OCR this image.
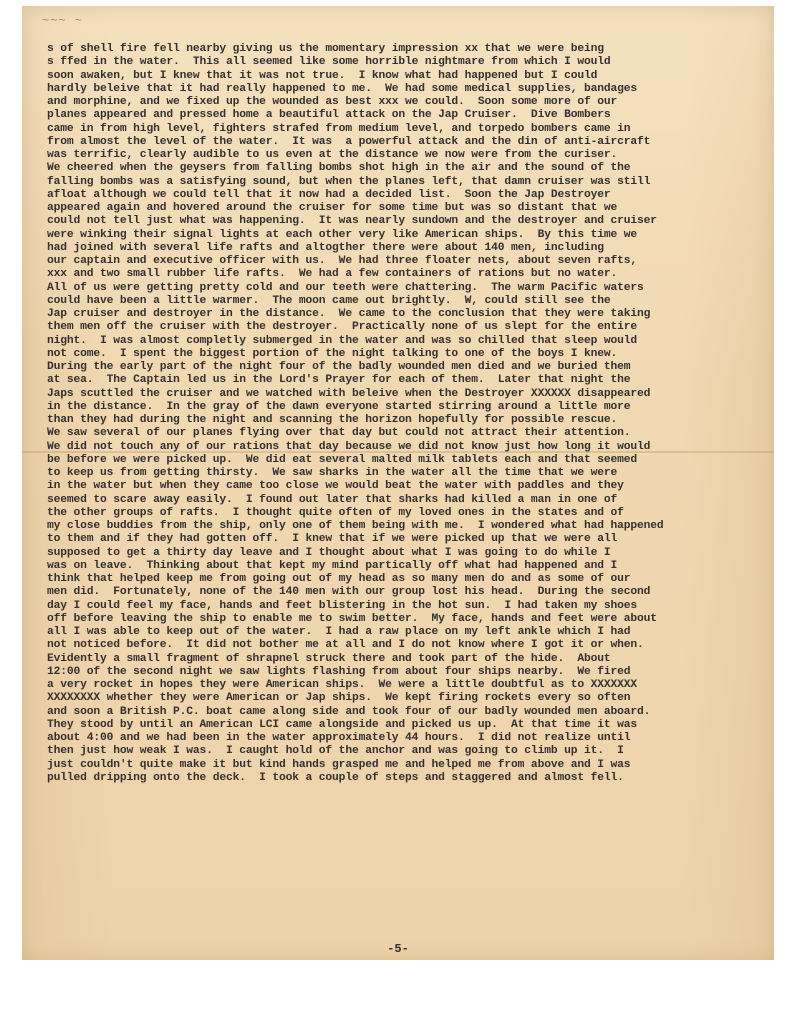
~~~ ~
s of shell fire fell nearby giving us the momentary impression xx that we were being
s ffed in the water.  This all seemed like some horrible nightmare from which I would
soon awaken, but I knew that it was not true.  I know what had happened but I could
hardly beleive that it had really happened to me.  We had some medical supplies, bandages
and morphine, and we fixed up the wounded as best xxx we could.  Soon some more of our
planes appeared and pressed home a beautiful attack on the Jap Cruiser.  Dive Bombers
came in from high level, fighters strafed from medium level, and torpedo bombers came in
from almost the level of the water.  It was  a powerful attack and the din of anti-aircraft
was terrific, clearly audible to us even at the distance we now were from the curiser.
We cheered when the geysers from falling bombs shot high in the air and the sound of the
falling bombs was a satisfying sound, but when the planes left, that damn cruiser was still
afloat although we could tell that it now had a decided list.  Soon the Jap Destroyer
appeared again and hovered around the cruiser for some time but was so distant that we
could not tell just what was happening.  It was nearly sundown and the destroyer and cruiser
were winking their signal lights at each other very like American ships.  By this time we
had joined with several life rafts and altogther there were about 140 men, including
our captain and executive officer with us.  We had three floater nets, about seven rafts,
xxx and two small rubber life rafts.  We had a few containers of rations but no water.
All of us were getting pretty cold and our teeth were chattering.  The warm Pacific waters
could have been a little warmer.  The moon came out brightly.  W, could still see the
Jap cruiser and destroyer in the distance.  We came to the conclusion that they were taking
them men off the cruiser with the destroyer.  Practically none of us slept for the entire
night.  I was almost completly submerged in the water and was so chilled that sleep would
not come.  I spent the biggest portion of the night talking to one of the boys I knew.
During the early part of the night four of the badly wounded men died and we buried them
at sea.  The Captain led us in the Lord's Prayer for each of them.  Later that night the
Japs scuttled the cruiser and we watched with beleive when the Destroyer XXXXXX disappeared
in the distance.  In the gray of the dawn everyone started stirring around a little more
than they had during the night and scanning the horizon hopefully for possible rescue.
We saw several of our planes flying over that day but could not attract their attention.
We did not touch any of our rations that day because we did not know just how long it would
be before we were picked up.  We did eat several malted milk tablets each and that seemed
to keep us from getting thirsty.  We saw sharks in the water all the time that we were
in the water but when they came too close we would beat the water with paddles and they
seemed to scare away easily.  I found out later that sharks had killed a man in one of
the other groups of rafts.  I thought quite often of my loved ones in the states and of
my close buddies from the ship, only one of them being with me.  I wondered what had happened
to them and if they had gotten off.  I knew that if we were picked up that we were all
supposed to get a thirty day leave and I thought about what I was going to do while I
was on leave.  Thinking about that kept my mind partically off what had happened and I
think that helped keep me from going out of my head as so many men do and as some of our
men did.  Fortunately, none of the 140 men with our group lost his head.  During the second
day I could feel my face, hands and feet blistering in the hot sun.  I had taken my shoes
off before leaving the ship to enable me to swim better.  My face, hands and feet were about
all I was able to keep out of the water.  I had a raw place on my left ankle which I had
not noticed before.  It did not bother me at all and I do not know where I got it or when.
Evidently a small fragment of shrapnel struck there and took part of the hide.  About
12:00 of the second night we saw lights flashing from about four ships nearby.  We fired
a very rocket in hopes they were American ships.  We were a little doubtful as to XXXXXXX
XXXXXXXX whether they were American or Jap ships.  We kept firing rockets every so often
and soon a British P.C. boat came along side and took four of our badly wounded men aboard.
They stood by until an American LCI came alongside and picked us up.  At that time it was
about 4:00 and we had been in the water approximately 44 hours.  I did not realize until
then just how weak I was.  I caught hold of the anchor and was going to climb up it.  I
just couldn't quite make it but kind hands grasped me and helped me from above and I was
pulled dripping onto the deck.  I took a couple of steps and staggered and almost fell.
-5-
